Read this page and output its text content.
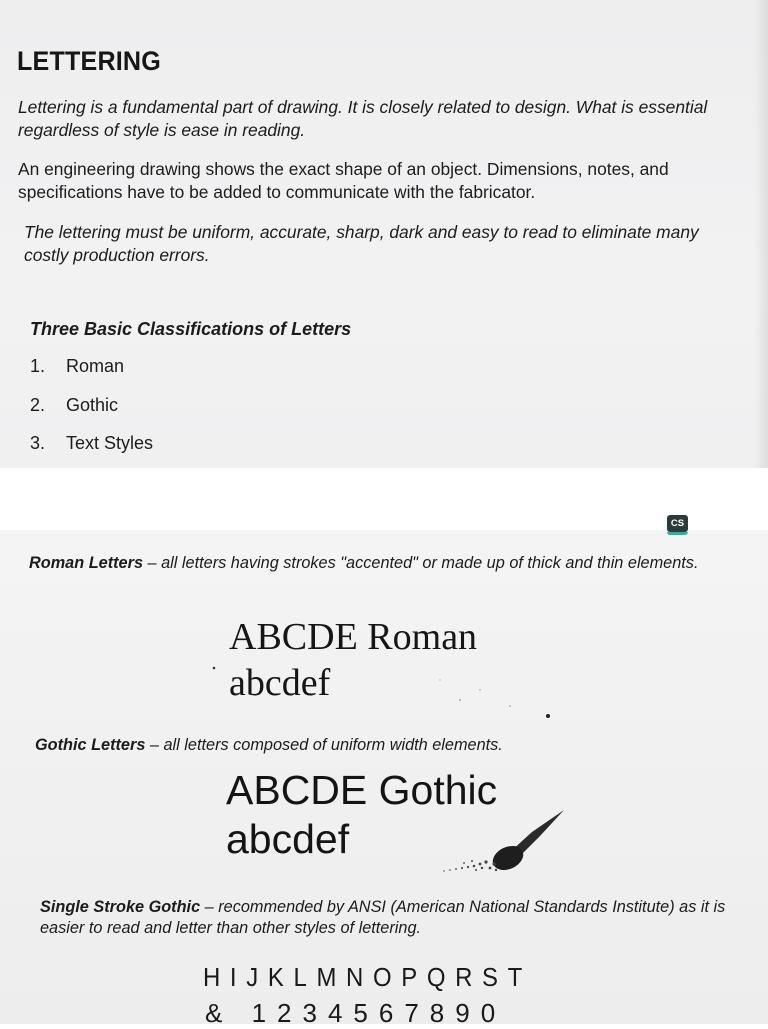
LETTERING
Lettering is a fundamental part of drawing. It is closely related to design. What is essential regardless of style is ease in reading.
An engineering drawing shows the exact shape of an object. Dimensions, notes, and specifications have to be added to communicate with the fabricator.
The lettering must be uniform, accurate, sharp, dark and easy to read to eliminate many costly production errors.
Three Basic Classifications of Letters
1.	Roman
2.	Gothic
3.	Text Styles
CS
Roman Letters – all letters having strokes "accented" or made up of thick and thin elements.
ABCDE Roman
abcdef
Gothic Letters – all letters composed of uniform width elements.
ABCDE Gothic
abcdef
Single Stroke Gothic – recommended by ANSI (American National Standards Institute) as it is easier to read and letter than other styles of lettering.
HIJKLMNOPQRST
& 1234567890
